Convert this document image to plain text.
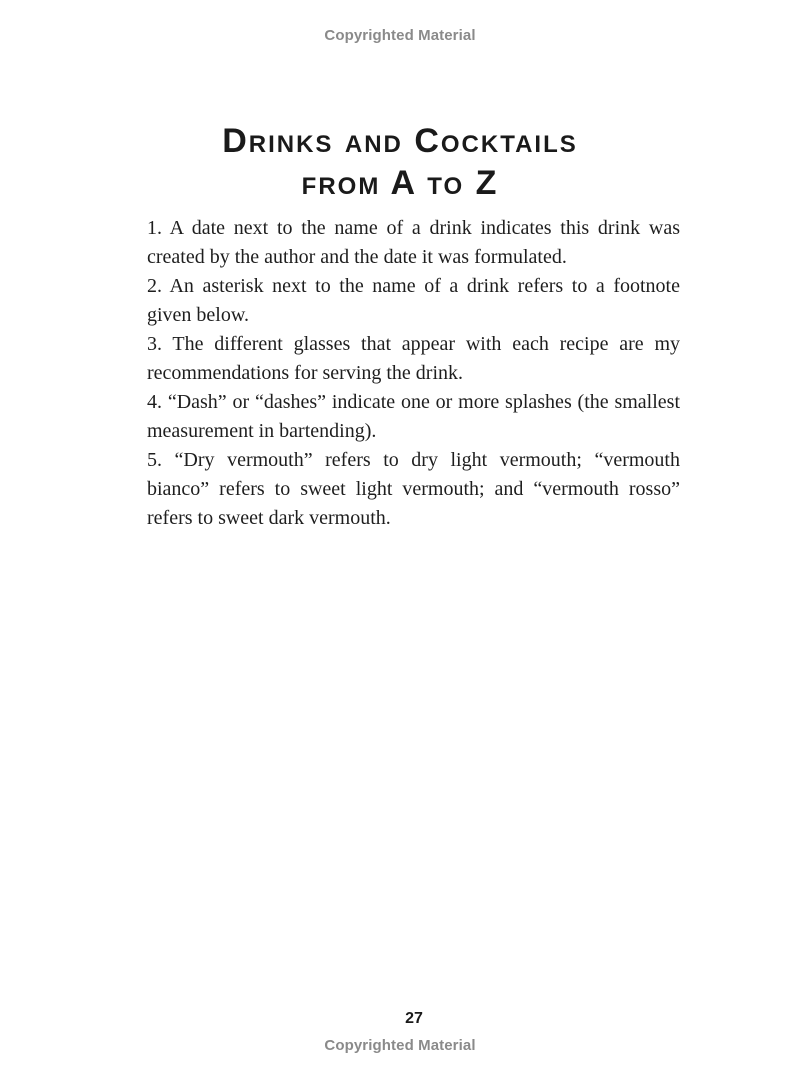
Copyrighted Material
Drinks and Cocktails
from A to Z
1. A date next to the name of a drink indicates this drink was created by the author and the date it was formulated.
2. An asterisk next to the name of a drink refers to a footnote given below.
3. The different glasses that appear with each recipe are my recommendations for serving the drink.
4. “Dash” or “dashes” indicate one or more splashes (the smallest measurement in bartending).
5. “Dry vermouth” refers to dry light vermouth; “vermouth bianco” refers to sweet light vermouth; and “vermouth rosso” refers to sweet dark vermouth.
27
Copyrighted Material
